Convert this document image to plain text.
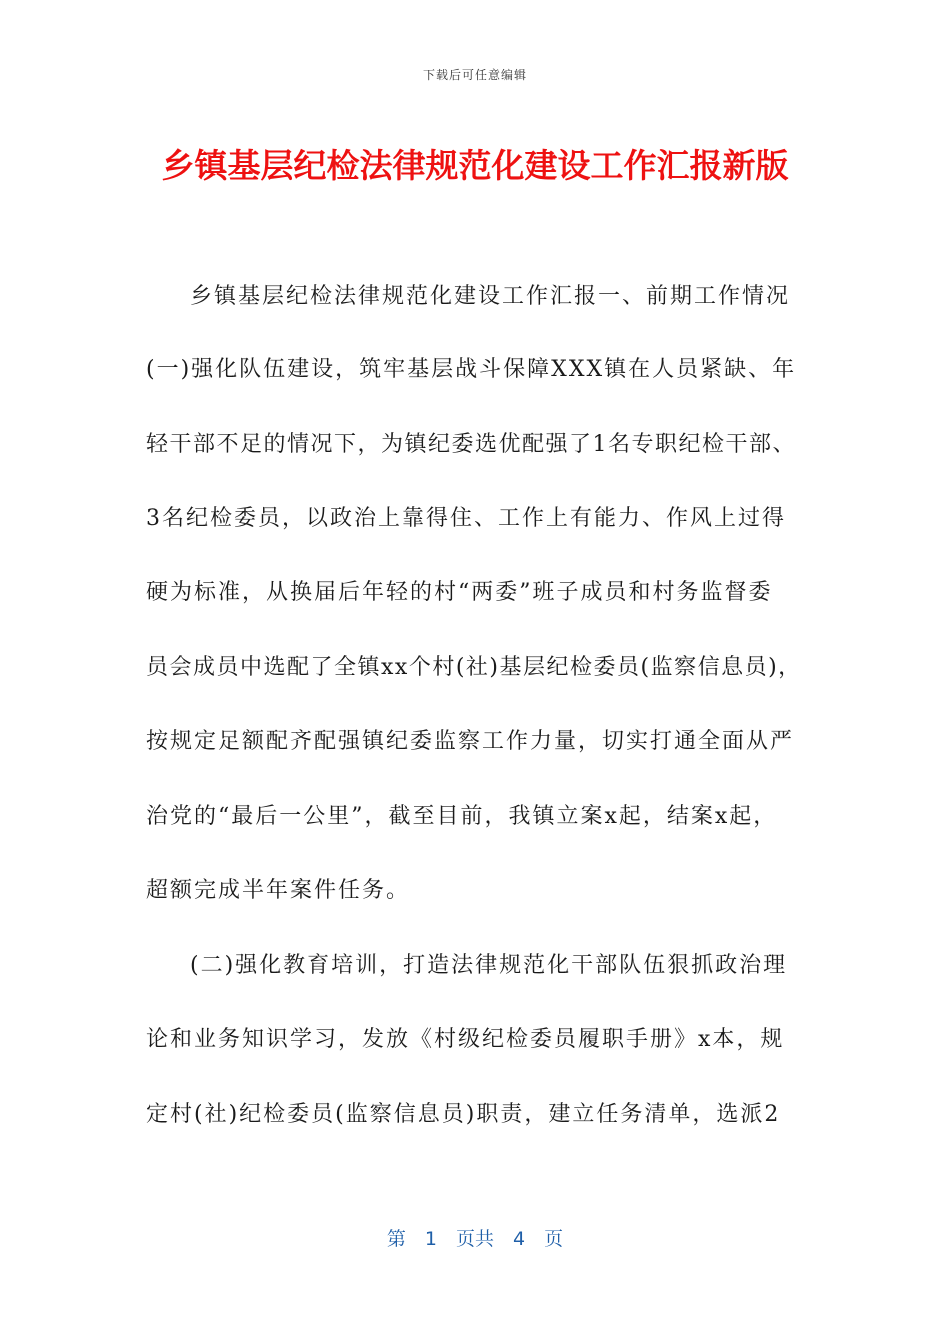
下载后可任意编辑
乡镇基层纪检法律规范化建设工作汇报新版
乡镇基层纪检法律规范化建设工作汇报一、前期工作情况
(一)强化队伍建设，筑牢基层战斗保障XXX镇在人员紧缺、年
轻干部不足的情况下，为镇纪委选优配强了1名专职纪检干部、
3名纪检委员，以政治上靠得住、工作上有能力、作风上过得
硬为标准，从换届后年轻的村“两委”班子成员和村务监督委
员会成员中选配了全镇xx个村(社)基层纪检委员(监察信息员)，
按规定足额配齐配强镇纪委监察工作力量，切实打通全面从严
治党的“最后一公里”，截至目前，我镇立案x起，结案x起，
超额完成半年案件任务。
(二)强化教育培训，打造法律规范化干部队伍狠抓政治理
论和业务知识学习，发放《村级纪检委员履职手册》x本，规
定村(社)纪检委员(监察信息员)职责，建立任务清单，选派2
第　1　页共　4　页
